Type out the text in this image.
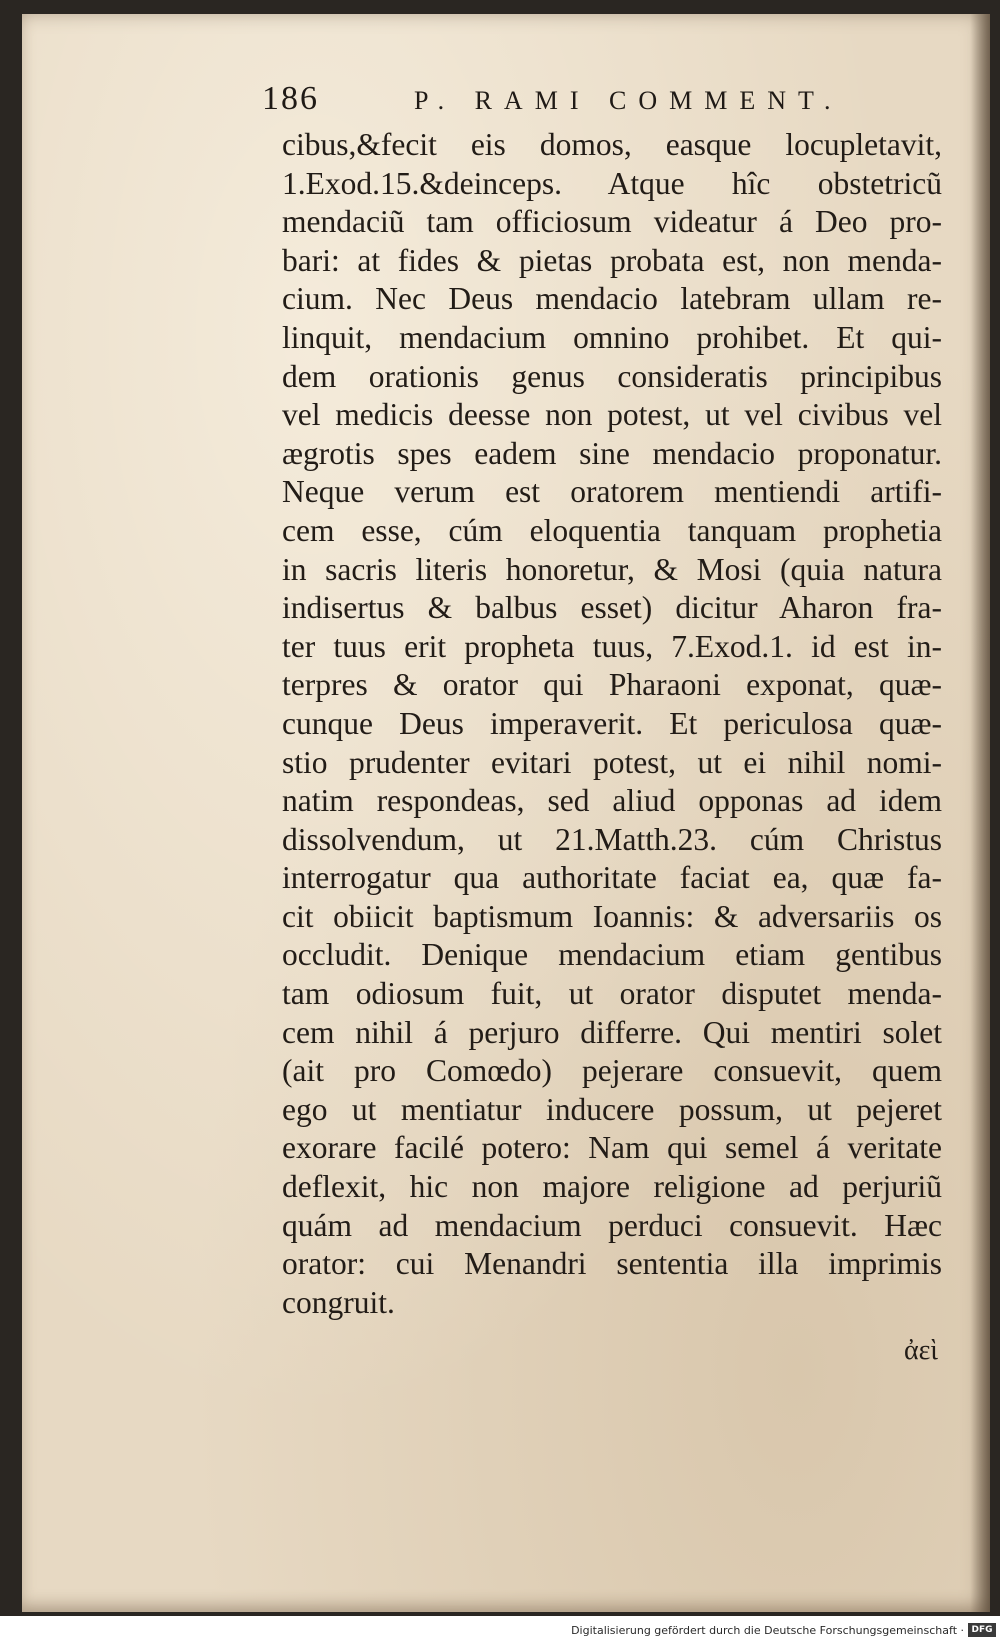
186	P. RAMI COMMENT.
cibus,&fecit eis domos, easque locupletavit,
1.Exod.15.&deinceps. Atque hîc obstetricũ
mendaciũ tam officiosum videatur á Deo pro-
bari: at fides & pietas probata est, non menda-
cium. Nec Deus mendacio latebram ullam re-
linquit, mendacium omnino prohibet. Et qui-
dem orationis genus consideratis principibus
vel medicis deesse non potest, ut vel civibus vel
ægrotis spes eadem sine mendacio proponatur.
Neque verum est oratorem mentiendi artifi-
cem esse, cúm eloquentia tanquam prophetia
in sacris literis honoretur, & Mosi (quia natura
indisertus & balbus esset) dicitur Aharon fra-
ter tuus erit propheta tuus, 7.Exod.1. id est in-
terpres & orator qui Pharaoni exponat, quæ-
cunque Deus imperaverit. Et periculosa quæ-
stio prudenter evitari potest, ut ei nihil nomi-
natim respondeas, sed aliud opponas ad idem
dissolvendum, ut 21.Matth.23. cúm Christus
interrogatur qua authoritate faciat ea, quæ fa-
cit obiicit baptismum Ioannis: & adversariis os
occludit. Denique mendacium etiam gentibus
tam odiosum fuit, ut orator disputet menda-
cem nihil á perjuro differre. Qui mentiri solet
(ait pro Comœdo) pejerare consuevit, quem
ego ut mentiatur inducere possum, ut pejeret
exorare facilé potero: Nam qui semel á veritate
deflexit, hic non majore religione ad perjuriũ
quám ad mendacium perduci consuevit. Hæc
orator: cui Menandri sententia illa imprimis
congruit.
ἀεὶ
Digitalisierung gefördert durch die Deutsche Forschungsgemeinschaft · DFG
